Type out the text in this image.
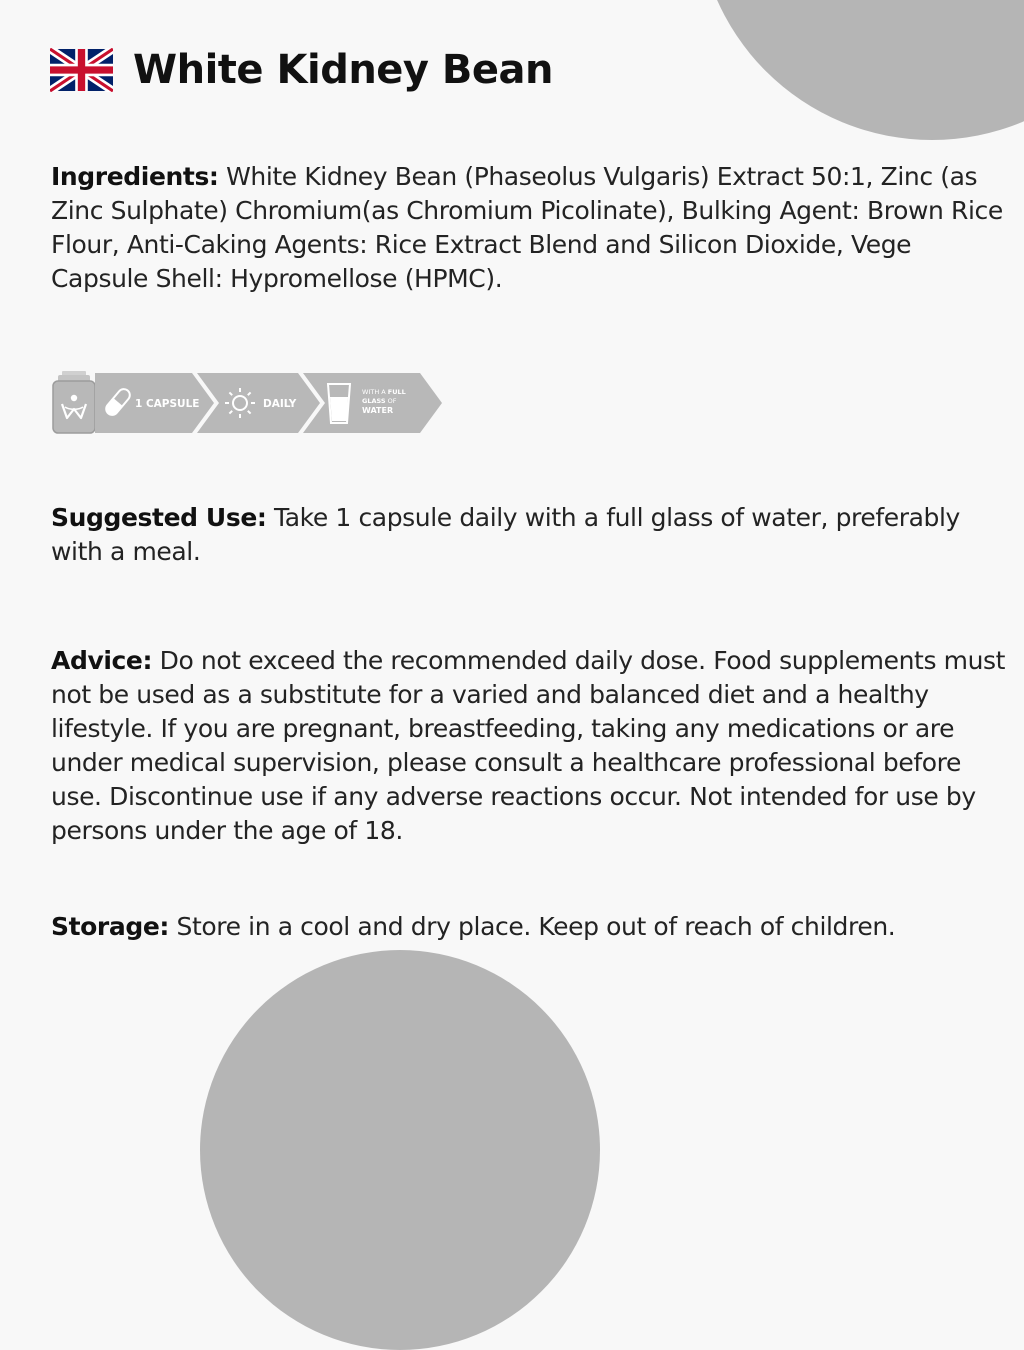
White Kidney Bean

Ingredients: White Kidney Bean (Phaseolus Vulgaris) Extract 50:1, Zinc (as Zinc Sulphate) Chromium(as Chromium Picolinate), Bulking Agent: Brown Rice Flour, Anti-Caking Agents: Rice Extract Blend and Silicon Dioxide, Vege Capsule Shell: Hypromellose (HPMC).

1 CAPSULE	DAILY
WITH A FULL
GLASS OF
WATER

Suggested Use: Take 1 capsule daily with a full glass of water, preferably with a meal.

Advice: Do not exceed the recommended daily dose. Food supplements must not be used as a substitute for a varied and balanced diet and a healthy lifestyle. If you are pregnant, breastfeeding, taking any medications or are under medical supervision, please consult a healthcare professional before use. Discontinue use if any adverse reactions occur. Not intended for use by persons under the age of 18.

Storage: Store in a cool and dry place. Keep out of reach of children.
